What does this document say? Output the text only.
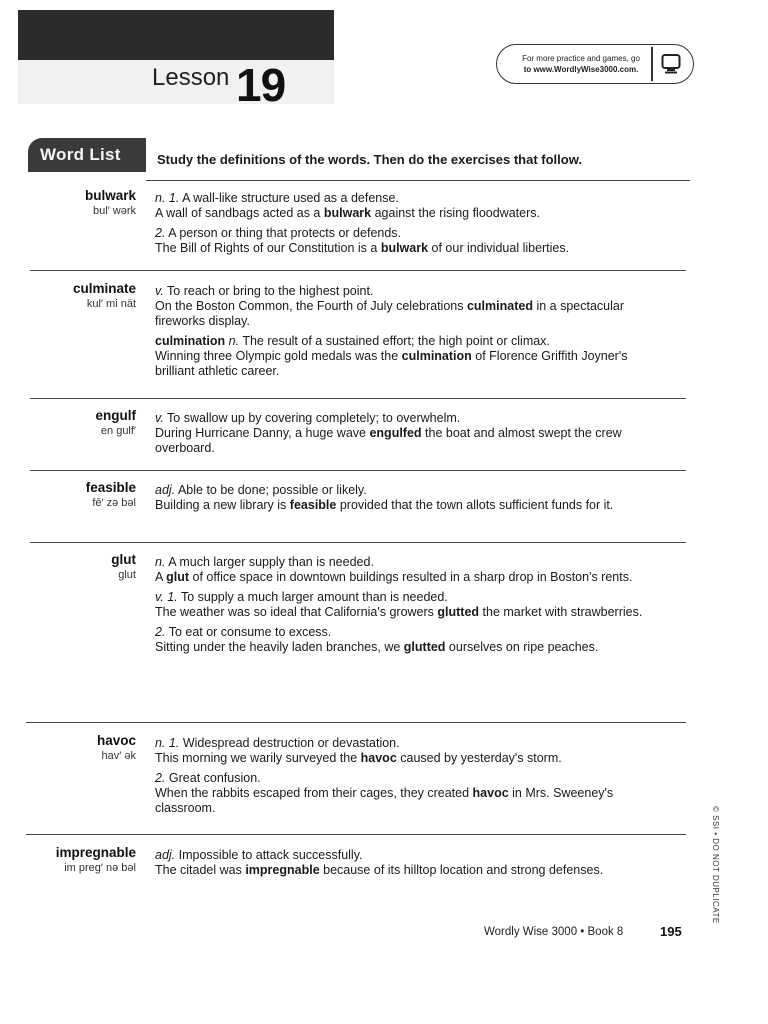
Lesson 19
For more practice and games, go
to www.WordlyWise3000.com.
Word List	Study the definitions of the words. Then do the exercises that follow.
bulwark
bul′ wərk
n. 1. A wall-like structure used as a defense.
A wall of sandbags acted as a bulwark against the rising floodwaters.
2. A person or thing that protects or defends.
The Bill of Rights of our Constitution is a bulwark of our individual liberties.
culminate
kul′ mi nāt
v. To reach or bring to the highest point.
On the Boston Common, the Fourth of July celebrations culminated in a spectacular fireworks display.
culmination n. The result of a sustained effort; the high point or climax.
Winning three Olympic gold medals was the culmination of Florence Griffith Joyner's brilliant athletic career.
engulf
en gulf′
v. To swallow up by covering completely; to overwhelm.
During Hurricane Danny, a huge wave engulfed the boat and almost swept the crew overboard.
feasible
fē′ zə bəl
adj. Able to be done; possible or likely.
Building a new library is feasible provided that the town allots sufficient funds for it.
glut
glut
n. A much larger supply than is needed.
A glut of office space in downtown buildings resulted in a sharp drop in Boston's rents.
v. 1. To supply a much larger amount than is needed.
The weather was so ideal that California's growers glutted the market with strawberries.
2. To eat or consume to excess.
Sitting under the heavily laden branches, we glutted ourselves on ripe peaches.
havoc
hav′ ək
n. 1. Widespread destruction or devastation.
This morning we warily surveyed the havoc caused by yesterday's storm.
2. Great confusion.
When the rabbits escaped from their cages, they created havoc in Mrs. Sweeney's classroom.
impregnable
im preg′ nə bəl
adj. Impossible to attack successfully.
The citadel was impregnable because of its hilltop location and strong defenses.	© SSI • DO NOT DUPLICATE
Wordly Wise 3000 • Book 8	195
